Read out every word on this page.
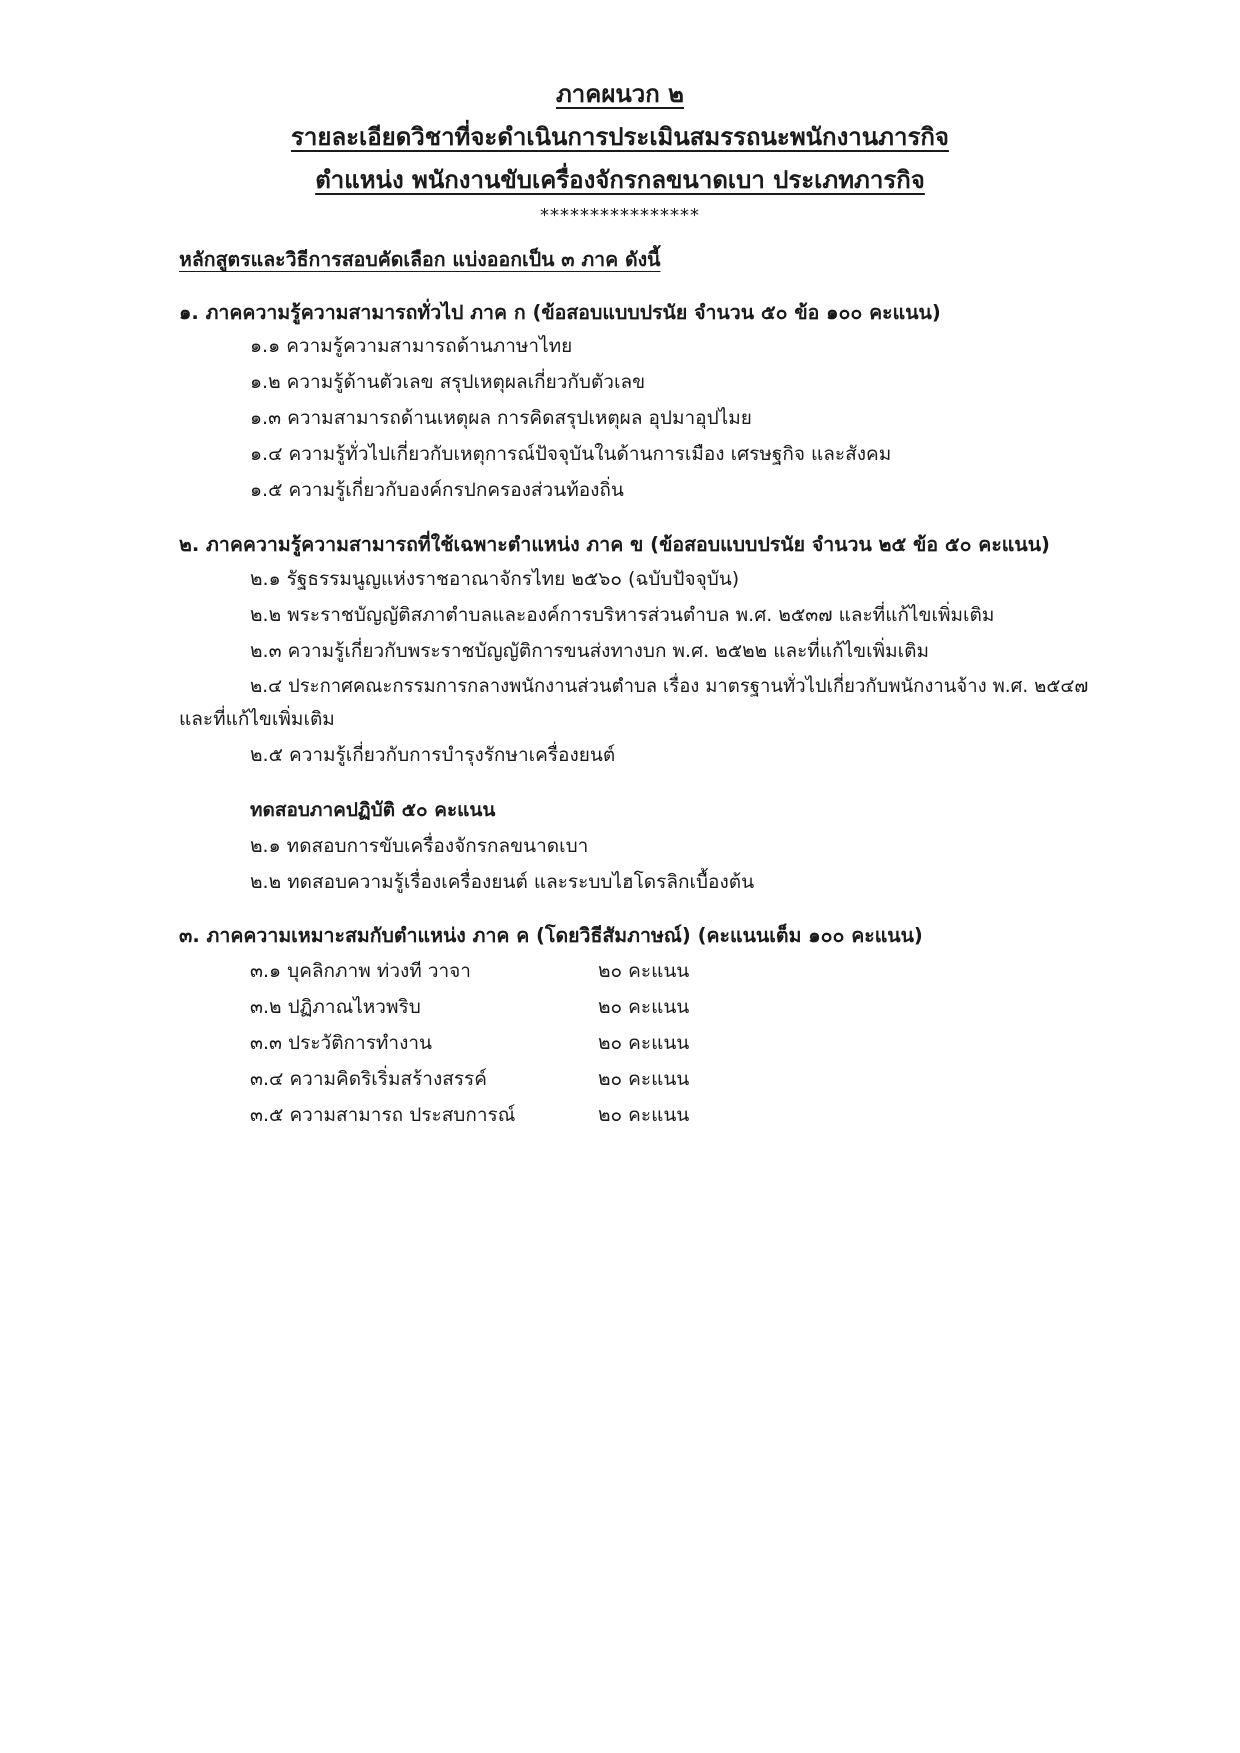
ภาคผนวก ๒
รายละเอียดวิชาที่จะดำเนินการประเมินสมรรถนะพนักงานภารกิจ
ตำแหน่ง พนักงานขับเครื่องจักรกลขนาดเบา ประเภทภารกิจ
****************
หลักสูตรและวิธีการสอบคัดเลือก แบ่งออกเป็น ๓ ภาค ดังนี้
๑. ภาคความรู้ความสามารถทั่วไป ภาค ก (ข้อสอบแบบปรนัย จำนวน ๕๐ ข้อ ๑๐๐ คะแนน)
๑.๑ ความรู้ความสามารถด้านภาษาไทย
๑.๒ ความรู้ด้านตัวเลข สรุปเหตุผลเกี่ยวกับตัวเลข
๑.๓ ความสามารถด้านเหตุผล การคิดสรุปเหตุผล อุปมาอุปไมย
๑.๔ ความรู้ทั่วไปเกี่ยวกับเหตุการณ์ปัจจุบันในด้านการเมือง เศรษฐกิจ และสังคม
๑.๕ ความรู้เกี่ยวกับองค์กรปกครองส่วนท้องถิ่น
๒. ภาคความรู้ความสามารถที่ใช้เฉพาะตำแหน่ง ภาค ข (ข้อสอบแบบปรนัย จำนวน ๒๕ ข้อ ๕๐ คะแนน)
๒.๑ รัฐธรรมนูญแห่งราชอาณาจักรไทย ๒๕๖๐ (ฉบับปัจจุบัน)
๒.๒ พระราชบัญญัติสภาตำบลและองค์การบริหารส่วนตำบล พ.ศ. ๒๕๓๗ และที่แก้ไขเพิ่มเติม
๒.๓ ความรู้เกี่ยวกับพระราชบัญญัติการขนส่งทางบก พ.ศ. ๒๕๒๒ และที่แก้ไขเพิ่มเติม
๒.๔ ประกาศคณะกรรมการกลางพนักงานส่วนตำบล เรื่อง มาตรฐานทั่วไปเกี่ยวกับพนักงานจ้าง พ.ศ. ๒๕๔๗
และที่แก้ไขเพิ่มเติม
๒.๕ ความรู้เกี่ยวกับการบำรุงรักษาเครื่องยนต์
ทดสอบภาคปฏิบัติ ๕๐ คะแนน
๒.๑ ทดสอบการขับเครื่องจักรกลขนาดเบา
๒.๒ ทดสอบความรู้เรื่องเครื่องยนต์ และระบบไฮโดรลิกเบื้องต้น
๓. ภาคความเหมาะสมกับตำแหน่ง ภาค ค (โดยวิธีสัมภาษณ์) (คะแนนเต็ม ๑๐๐ คะแนน)
๓.๑ บุคลิกภาพ ท่วงที วาจา	๒๐ คะแนน
๓.๒ ปฏิภาณไหวพริบ	๒๐ คะแนน
๓.๓ ประวัติการทำงาน	๒๐ คะแนน
๓.๔ ความคิดริเริ่มสร้างสรรค์	๒๐ คะแนน
๓.๕ ความสามารถ ประสบการณ์	๒๐ คะแนน
